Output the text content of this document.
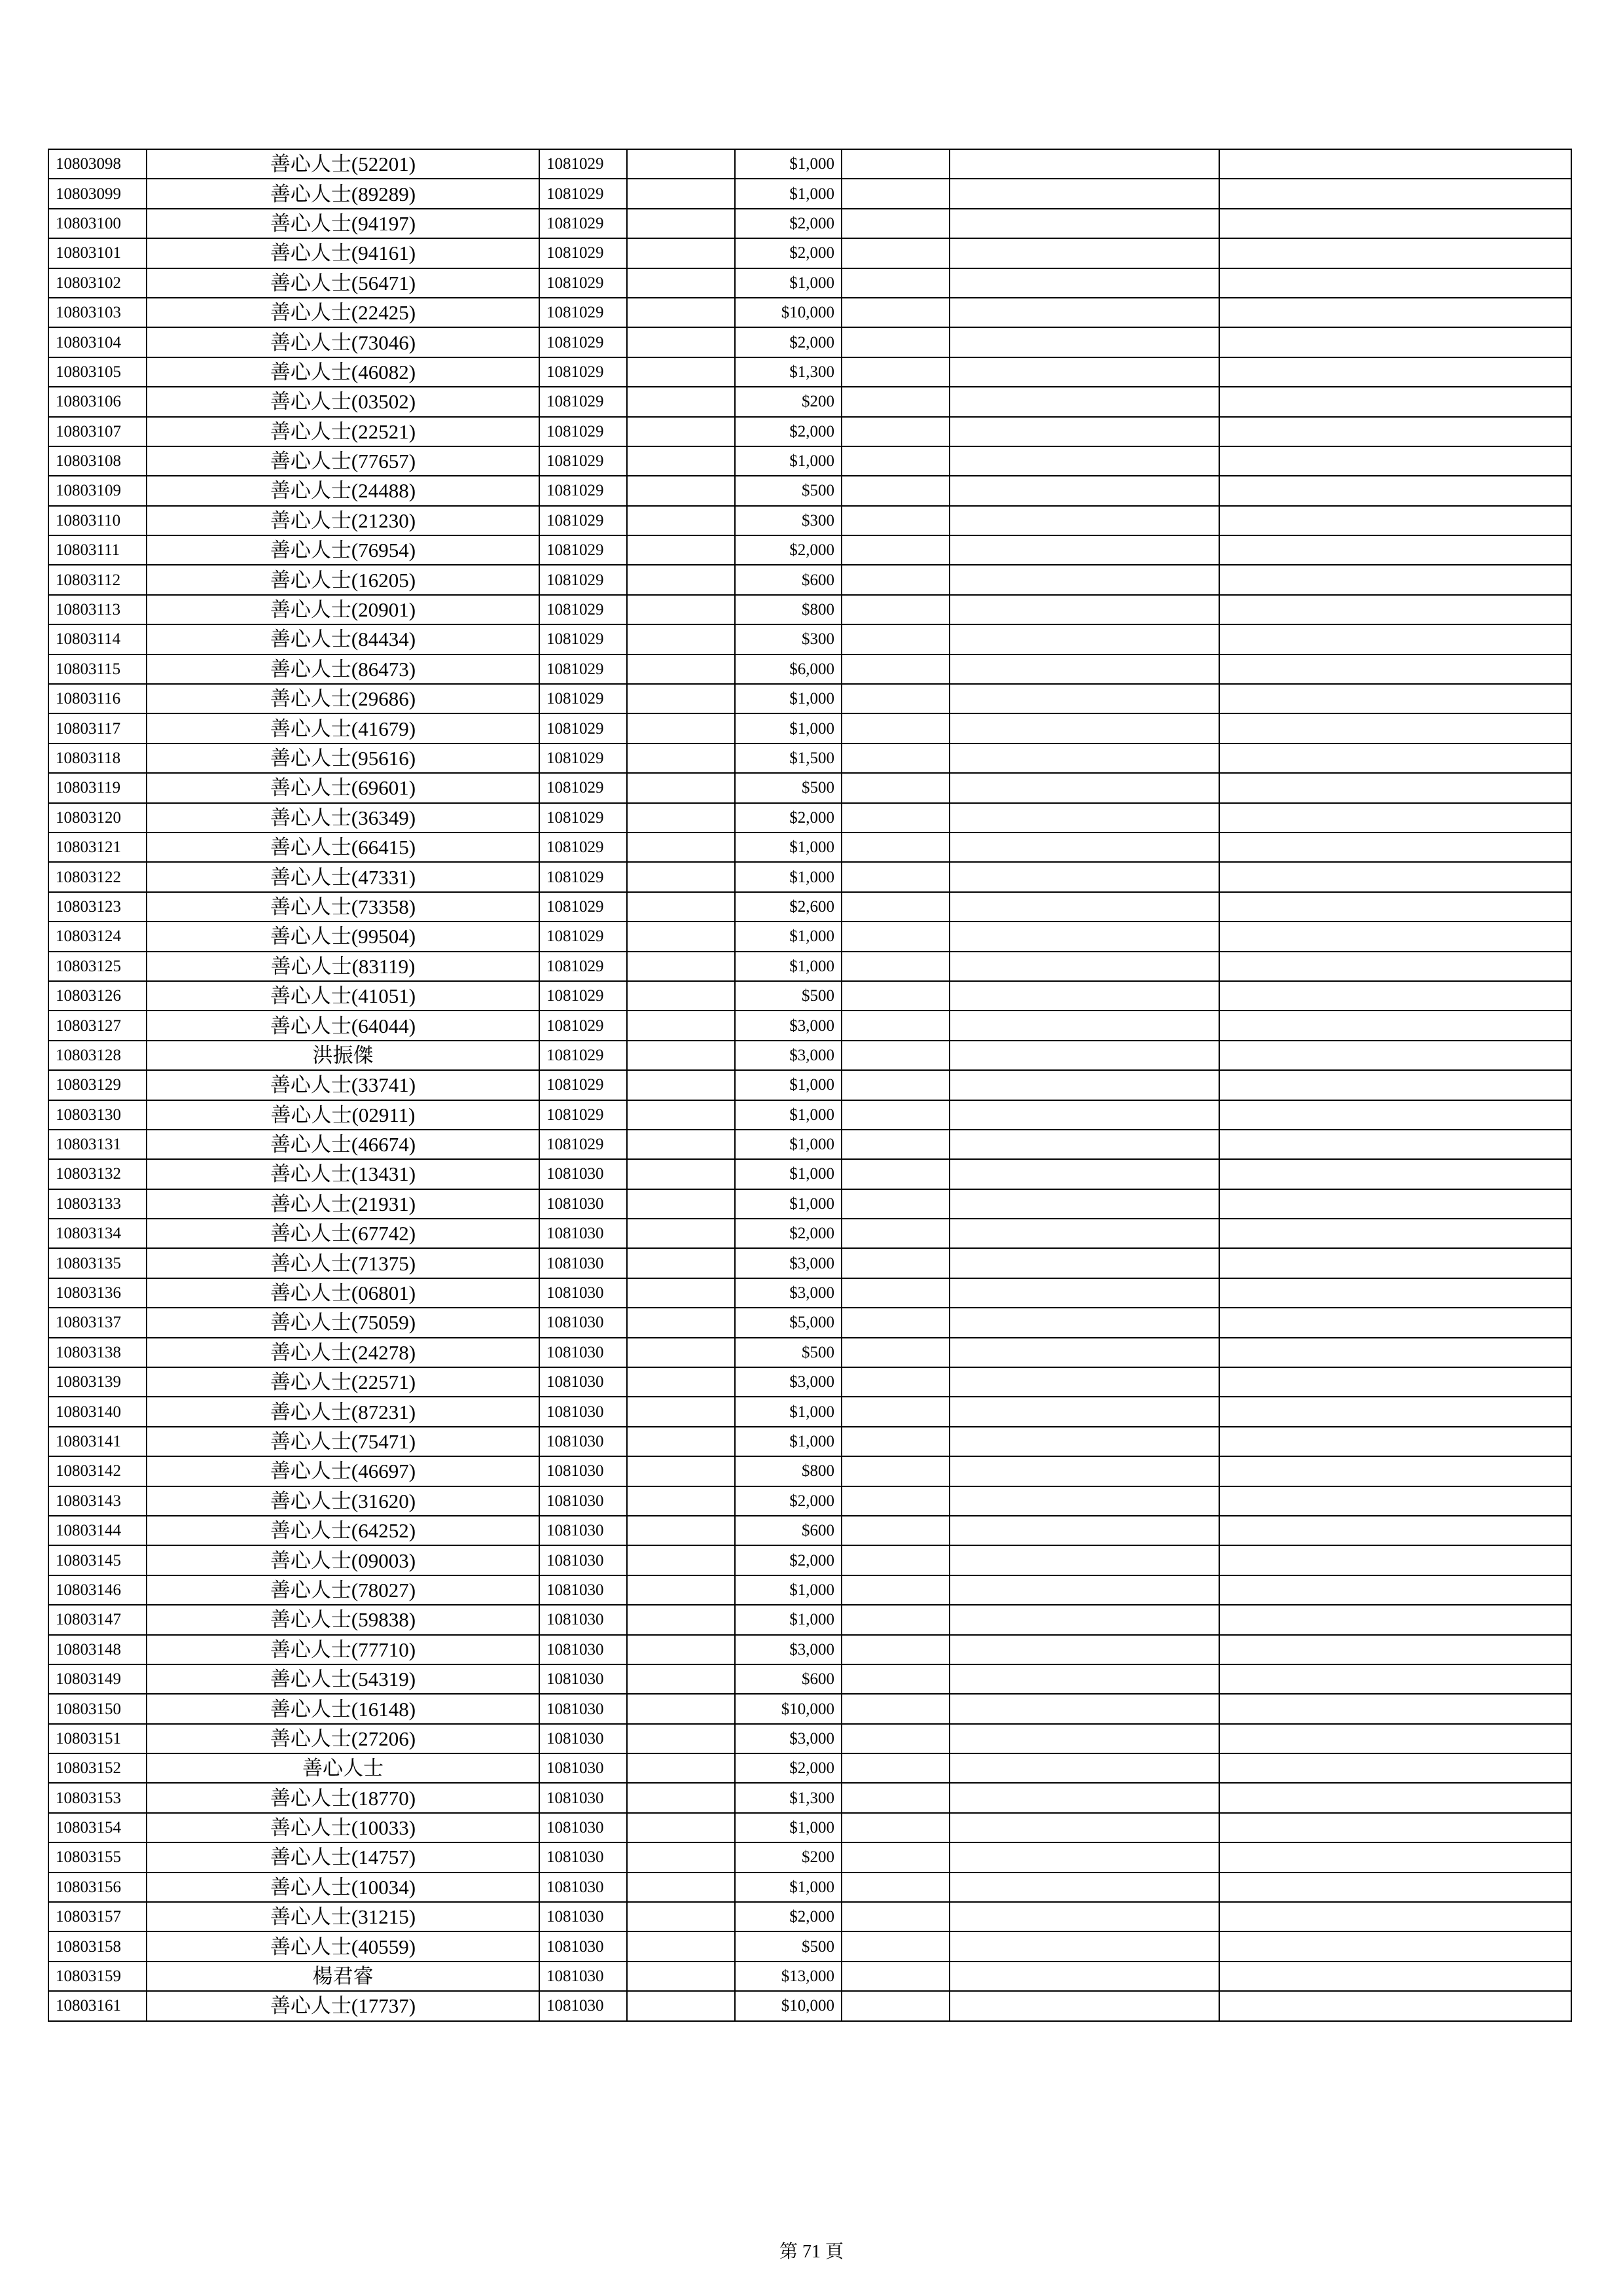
10803098	善心人士(52201)	1081029		$1,000			
10803099	善心人士(89289)	1081029		$1,000			
10803100	善心人士(94197)	1081029		$2,000			
10803101	善心人士(94161)	1081029		$2,000			
10803102	善心人士(56471)	1081029		$1,000			
10803103	善心人士(22425)	1081029		$10,000			
10803104	善心人士(73046)	1081029		$2,000			
10803105	善心人士(46082)	1081029		$1,300			
10803106	善心人士(03502)	1081029		$200			
10803107	善心人士(22521)	1081029		$2,000			
10803108	善心人士(77657)	1081029		$1,000			
10803109	善心人士(24488)	1081029		$500			
10803110	善心人士(21230)	1081029		$300			
10803111	善心人士(76954)	1081029		$2,000			
10803112	善心人士(16205)	1081029		$600			
10803113	善心人士(20901)	1081029		$800			
10803114	善心人士(84434)	1081029		$300			
10803115	善心人士(86473)	1081029		$6,000			
10803116	善心人士(29686)	1081029		$1,000			
10803117	善心人士(41679)	1081029		$1,000			
10803118	善心人士(95616)	1081029		$1,500			
10803119	善心人士(69601)	1081029		$500			
10803120	善心人士(36349)	1081029		$2,000			
10803121	善心人士(66415)	1081029		$1,000			
10803122	善心人士(47331)	1081029		$1,000			
10803123	善心人士(73358)	1081029		$2,600			
10803124	善心人士(99504)	1081029		$1,000			
10803125	善心人士(83119)	1081029		$1,000			
10803126	善心人士(41051)	1081029		$500			
10803127	善心人士(64044)	1081029		$3,000			
10803128	洪振傑	1081029		$3,000			
10803129	善心人士(33741)	1081029		$1,000			
10803130	善心人士(02911)	1081029		$1,000			
10803131	善心人士(46674)	1081029		$1,000			
10803132	善心人士(13431)	1081030		$1,000			
10803133	善心人士(21931)	1081030		$1,000			
10803134	善心人士(67742)	1081030		$2,000			
10803135	善心人士(71375)	1081030		$3,000			
10803136	善心人士(06801)	1081030		$3,000			
10803137	善心人士(75059)	1081030		$5,000			
10803138	善心人士(24278)	1081030		$500			
10803139	善心人士(22571)	1081030		$3,000			
10803140	善心人士(87231)	1081030		$1,000			
10803141	善心人士(75471)	1081030		$1,000			
10803142	善心人士(46697)	1081030		$800			
10803143	善心人士(31620)	1081030		$2,000			
10803144	善心人士(64252)	1081030		$600			
10803145	善心人士(09003)	1081030		$2,000			
10803146	善心人士(78027)	1081030		$1,000			
10803147	善心人士(59838)	1081030		$1,000			
10803148	善心人士(77710)	1081030		$3,000			
10803149	善心人士(54319)	1081030		$600			
10803150	善心人士(16148)	1081030		$10,000			
10803151	善心人士(27206)	1081030		$3,000			
10803152	善心人士	1081030		$2,000			
10803153	善心人士(18770)	1081030		$1,300			
10803154	善心人士(10033)	1081030		$1,000			
10803155	善心人士(14757)	1081030		$200			
10803156	善心人士(10034)	1081030		$1,000			
10803157	善心人士(31215)	1081030		$2,000			
10803158	善心人士(40559)	1081030		$500			
10803159	楊君睿	1081030		$13,000			
10803161	善心人士(17737)	1081030		$10,000			
第 71 頁
